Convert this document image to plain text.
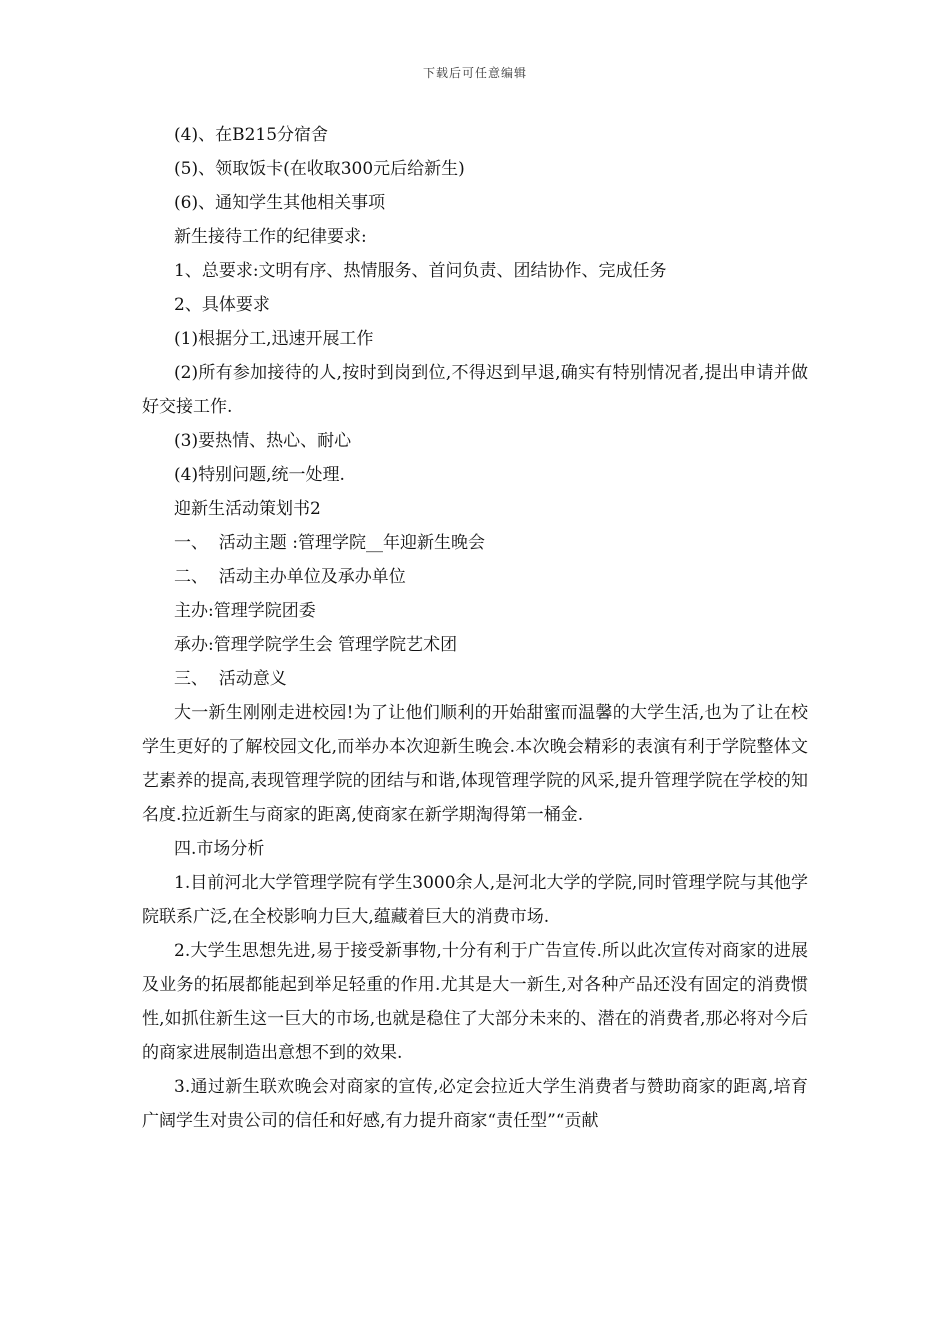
下载后可任意编辑

(4)、在B215分宿舍

(5)、领取饭卡(在收取300元后给新生)

(6)、通知学生其他相关事项

新生接待工作的纪律要求:

1、总要求:文明有序、热情服务、首问负责、团结协作、完成任务

2、具体要求

(1)根据分工,迅速开展工作

(2)所有参加接待的人,按时到岗到位,不得迟到早退,确实有特别情况者,提出申请并做好交接工作.

(3)要热情、热心、耐心

(4)特别问题,统一处理.

迎新生活动策划书2

一、  活动主题 :管理学院__年迎新生晚会

二、  活动主办单位及承办单位

主办:管理学院团委

承办:管理学院学生会 管理学院艺术团

三、  活动意义

大一新生刚刚走进校园!为了让他们顺利的开始甜蜜而温馨的大学生活,也为了让在校学生更好的了解校园文化,而举办本次迎新生晚会.本次晚会精彩的表演有利于学院整体文艺素养的提高,表现管理学院的团结与和谐,体现管理学院的风采,提升管理学院在学校的知名度.拉近新生与商家的距离,使商家在新学期淘得第一桶金.

四.市场分析

1.目前河北大学管理学院有学生3000余人,是河北大学的学院,同时管理学院与其他学院联系广泛,在全校影响力巨大,蕴藏着巨大的消费市场.

2.大学生思想先进,易于接受新事物,十分有利于广告宣传.所以此次宣传对商家的进展及业务的拓展都能起到举足轻重的作用.尤其是大一新生,对各种产品还没有固定的消费惯性,如抓住新生这一巨大的市场,也就是稳住了大部分未来的、潜在的消费者,那必将对今后的商家进展制造出意想不到的效果.

3.通过新生联欢晚会对商家的宣传,必定会拉近大学生消费者与赞助商家的距离,培育广阔学生对贵公司的信任和好感,有力提升商家“责任型”“贡献
